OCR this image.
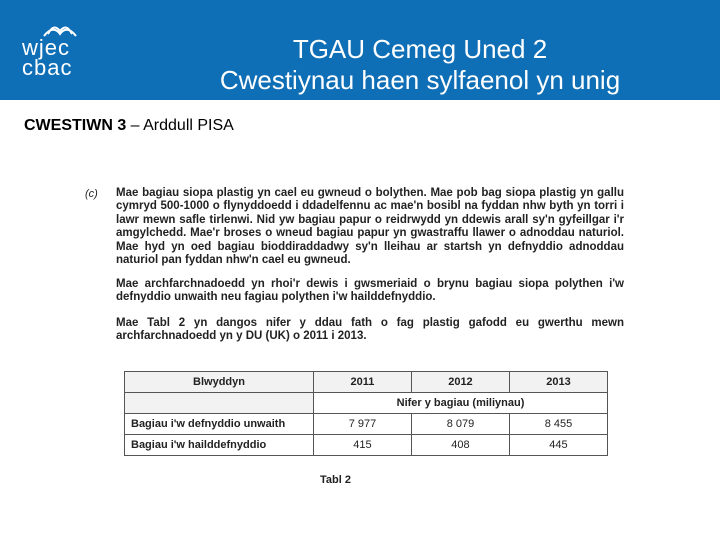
wjec
cbac
TGAU Cemeg Uned 2
Cwestiynau haen sylfaenol yn unig
CWESTIWN 3 – Arddull PISA
(c) Mae bagiau siopa plastig yn cael eu gwneud o bolythen. Mae pob bag siopa plastig yn gallu cymryd 500-1000 o flynyddoedd i ddadelfennu ac mae'n bosibl na fyddan nhw byth yn torri i lawr mewn safle tirlenwi. Nid yw bagiau papur o reidrwydd yn ddewis arall sy'n gyfeillgar i'r amgylchedd. Mae'r broses o wneud bagiau papur yn gwastraffu llawer o adnoddau naturiol. Mae hyd yn oed bagiau bioddiraddadwy sy'n lleihau ar startsh yn defnyddio adnoddau naturiol pan fyddan nhw'n cael eu gwneud.
Mae archfarchnadoedd yn rhoi'r dewis i gwsmeriaid o brynu bagiau siopa polythen i'w defnyddio unwaith neu fagiau polythen i'w hailddefnyddio.
Mae Tabl 2 yn dangos nifer y ddau fath o fag plastig gafodd eu gwerthu mewn archfarchnadoedd yn y DU (UK) o 2011 i 2013.
Blwyddyn	2011	2012	2013
	Nifer y bagiau (miliynau)		
Bagiau i'w defnyddio unwaith	7 977	8 079	8 455
Bagiau i'w hailddefnyddio	415	408	445
Tabl 2
